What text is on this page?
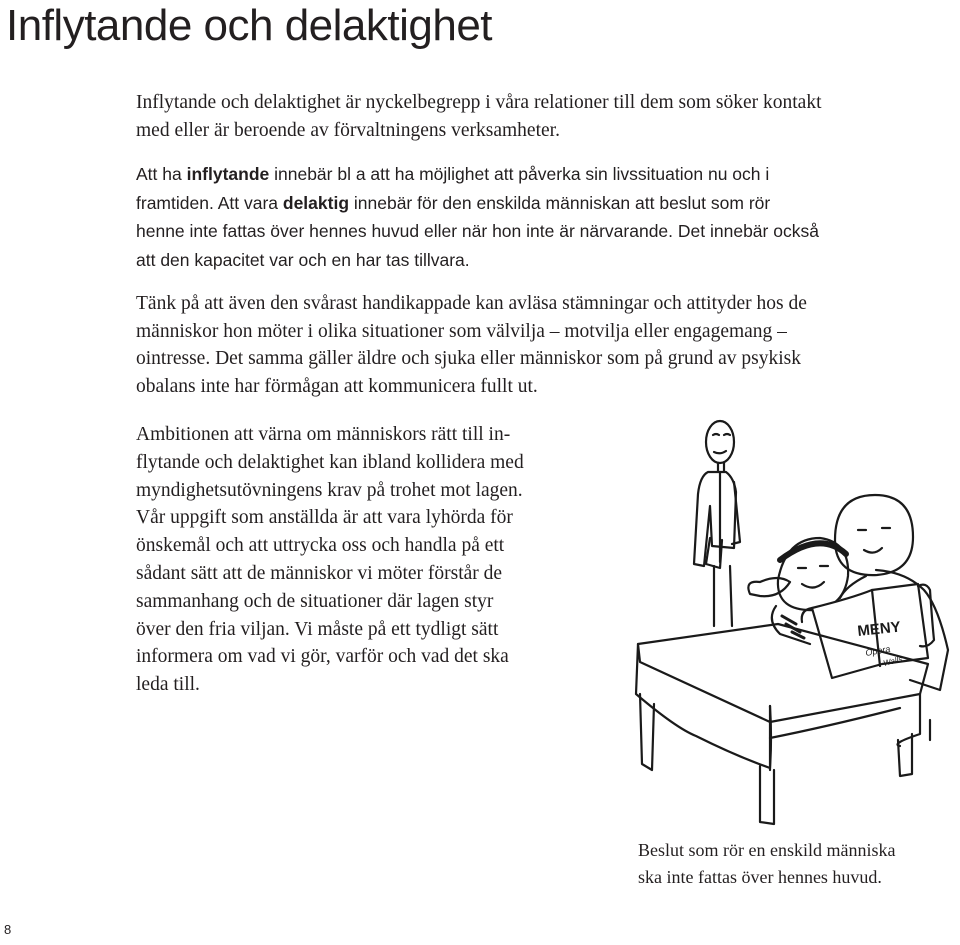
Inflytande och delaktighet
Inflytande och delaktighet är nyckelbegrepp i våra relationer till dem som söker kontakt
med eller är beroende av förvaltningens verksamheter.
Att ha inflytande innebär bl a att ha möjlighet att påverka sin livssituation nu och i
framtiden. Att vara delaktig innebär för den enskilda människan att beslut som rör
henne inte fattas över hennes huvud eller när hon inte är närvarande. Det innebär också
att den kapacitet var och en har tas tillvara.
Tänk på att även den svårast handikappade kan avläsa stämningar och attityder hos de
människor hon möter i olika situationer som välvilja – motvilja eller engagemang –
ointresse. Det samma gäller äldre och sjuka eller människor som på grund av psykisk
obalans inte har förmågan att kommunicera fullt ut.
Ambitionen att värna om människors rätt till in-
flytande och delaktighet kan ibland kollidera med
myndighetsutövningens krav på trohet mot lagen.
Vår uppgift som anställda är att vara lyhörda för
önskemål och att uttrycka oss och handla på ett
sådant sätt att de människor vi möter förstår de
sammanhang och de situationer där lagen styr
över den fria viljan. Vi måste på ett tydligt sätt
informera om vad vi gör, varför och vad det ska
leda till.
MENY
Opera
Walls
Beslut som rör en enskild människa
ska inte fattas över hennes huvud.
8
